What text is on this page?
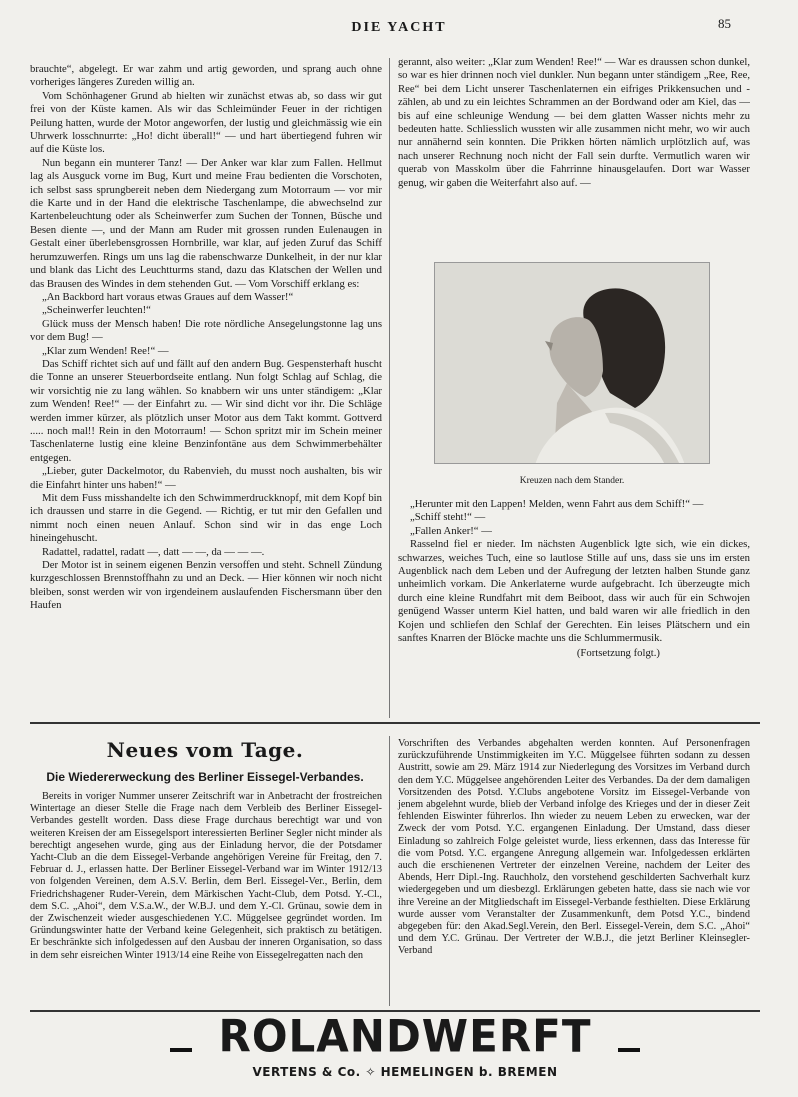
DIE YACHT	85

brauchte“, abgelegt. Er war zahm und artig geworden, und sprang auch ohne vorheriges längeres Zureden willig an.

Vom Schönhagener Grund ab hielten wir zunächst etwas ab, so dass wir gut frei von der Küste kamen. Als wir das Schleimünder Feuer in der richtigen Peilung hatten, wurde der Motor angeworfen, der lustig und gleichmässig wie ein Uhrwerk losschnurrte: „Ho! dicht überall!“ — und hart übertiegend fuhren wir auf die Küste los.

Nun begann ein munterer Tanz! — Der Anker war klar zum Fallen. Hellmut lag als Ausguck vorne im Bug, Kurt und meine Frau bedienten die Vorschoten, ich selbst sass sprungbereit neben dem Niedergang zum Motorraum — vor mir die Karte und in der Hand die elektrische Taschenlampe, die abwechselnd zur Kartenbeleuchtung oder als Scheinwerfer zum Suchen der Tonnen, Büsche und Besen diente —, und der Mann am Ruder mit grossen runden Eulenaugen in Gestalt einer überlebensgrossen Hornbrille, war klar, auf jeden Zuruf das Schiff herumzuwerfen. Rings um uns lag die rabenschwarze Dunkelheit, in der nur klar und blank das Licht des Leuchtturms stand, dazu das Klatschen der Wellen und das Brausen des Windes in dem stehenden Gut. — Vom Vorschiff erklang es:

„An Backbord hart voraus etwas Graues auf dem Wasser!“

„Scheinwerfer leuchten!“

Glück muss der Mensch haben! Die rote nördliche Ansegelungstonne lag uns vor dem Bug! —

„Klar zum Wenden! Ree!“ —

Das Schiff richtet sich auf und fällt auf den andern Bug. Gespensterhaft huscht die Tonne an unserer Steuerbordseite entlang. Nun folgt Schlag auf Schlag, die wir vorsichtig nie zu lang wählen. So knabbern wir uns unter ständigem: „Klar zum Wenden! Ree!“ — der Einfahrt zu. — Wir sind dicht vor ihr. Die Schläge werden immer kürzer, als plötzlich unser Motor aus dem Takt kommt. Gottverd ..... noch mal!! Rein in den Motorraum! — Schon spritzt mir im Schein meiner Taschenlaterne lustig eine kleine Benzinfontäne aus dem Schwimmerbehälter entgegen.

„Lieber, guter Dackelmotor, du Rabenvieh, du musst noch aushalten, bis wir die Einfahrt hinter uns haben!“ —

Mit dem Fuss misshandelte ich den Schwimmerdruckknopf, mit dem Kopf bin ich draussen und starre in die Gegend. — Richtig, er tut mir den Gefallen und nimmt noch einen neuen Anlauf. Schon sind wir in das enge Loch hineingehuscht.

Radattel, radattel, radatt —, datt — —, da — — —.

Der Motor ist in seinem eigenen Benzin versoffen und steht. Schnell Zündung kurzgeschlossen Brennstoffhahn zu und an Deck. — Hier können wir noch nicht bleiben, sonst werden wir von irgendeinem auslaufenden Fischersmann über den Haufen

gerannt, also weiter: „Klar zum Wenden! Ree!“ — War es draussen schon dunkel, so war es hier drinnen noch viel dunkler. Nun begann unter ständigem „Ree, Ree, Ree“ bei dem Licht unserer Taschenlaternen ein eifriges Prikkensuchen und -zählen, ab und zu ein leichtes Schrammen an der Bordwand oder am Kiel, das — bis auf eine schleunige Wendung — bei dem glatten Wasser nichts mehr zu bedeuten hatte. Schliesslich wussten wir alle zusammen nicht mehr, wo wir auch nur annähernd sein konnten. Die Prikken hörten nämlich urplötzlich auf, was nach unserer Rechnung noch nicht der Fall sein durfte. Vermutlich waren wir querab von Masskolm über die Fahrrinne hinausgelaufen. Dort war Wasser genug, wir gaben die Weiterfahrt also auf. —

Kreuzen nach dem Stander.

„Herunter mit den Lappen! Melden, wenn Fahrt aus dem Schiff!“ —

„Schiff steht!“ —

„Fallen Anker!“ —

Rasselnd fiel er nieder. Im nächsten Augenblick lgte sich, wie ein dickes, schwarzes, weiches Tuch, eine so lautlose Stille auf uns, dass sie uns im ersten Augenblick nach dem Leben und der Aufregung der letzten halben Stunde ganz unheimlich vorkam. Die Ankerlaterne wurde aufgebracht. Ich überzeugte mich durch eine kleine Rundfahrt mit dem Beiboot, dass wir auch für ein Schwojen genügend Wasser unterm Kiel hatten, und bald waren wir alle friedlich in den Kojen und schliefen den Schlaf der Gerechten. Ein leises Plätschern und ein sanftes Knarren der Blöcke machte uns die Schlummermusik.

(Fortsetzung folgt.)

Neues vom Tage.
Die Wiedererweckung des Berliner Eissegel-Verbandes.

Bereits in voriger Nummer unserer Zeitschrift war in Anbetracht der frostreichen Wintertage an dieser Stelle die Frage nach dem Verbleib des Berliner Eissegel-Verbandes gestellt worden. Dass diese Frage durchaus berechtigt war und von weiteren Kreisen der am Eissegelsport interessierten Berliner Segler nicht minder als berechtigt angesehen wurde, ging aus der Einladung hervor, die der Potsdamer Yacht-Club an die dem Eissegel-Verbande angehörigen Vereine für Freitag, den 7. Februar d. J., erlassen hatte. Der Berliner Eissegel-Verband war im Winter 1912/13 von folgenden Vereinen, dem A.S.V. Berlin, dem Berl. Eissegel-Ver., Berlin, dem Friedrichshagener Ruder-Verein, dem Märkischen Yacht-Club, dem Potsd. Y.-Cl., dem S.C. „Ahoi“, dem V.S.a.W., der W.B.J. und dem Y.-Cl. Grünau, sowie dem in der Zwischenzeit wieder ausgeschiedenen Y.C. Müggelsee gegründet worden. Im Gründungswinter hatte der Verband keine Gelegenheit, sich praktisch zu betätigen. Er beschränkte sich infolgedessen auf den Ausbau der inneren Organisation, so dass in dem sehr eisreichen Winter 1913/14 eine Reihe von Eissegelregatten nach den

Vorschriften des Verbandes abgehalten werden konnten. Auf Personenfragen zurückzuführende Unstimmigkeiten im Y.C. Müggelsee führten sodann zu dessen Austritt, sowie am 29. März 1914 zur Niederlegung des Vorsitzes im Verband durch den dem Y.C. Müggelsee angehörenden Leiter des Verbandes. Da der dem damaligen Vorsitzenden des Potsd. Y.Clubs angebotene Vorsitz im Eissegel-Verbande von jenem abgelehnt wurde, blieb der Verband infolge des Krieges und der in dieser Zeit fehlenden Eiswinter führerlos. Ihn wieder zu neuem Leben zu erwecken, war der Zweck der vom Potsd. Y.C. ergangenen Einladung. Der Umstand, dass dieser Einladung so zahlreich Folge geleistet wurde, liess erkennen, dass das Interesse für die vom Potsd. Y.C. ergangene Anregung allgemein war. Infolgedessen erklärten auch die erschienenen Vertreter der einzelnen Vereine, nachdem der Leiter des Abends, Herr Dipl.-Ing. Rauchholz, den vorstehend geschilderten Sachverhalt kurz wiedergegeben und um diesbezgl. Erklärungen gebeten hatte, dass sie nach wie vor ihre Vereine an der Mitgliedschaft im Eissegel-Verbande festhielten. Diese Erklärung wurde ausser vom Veranstalter der Zusammenkunft, dem Potsd Y.C., bindend abgegeben für: den Akad.Segl.Verein, den Berl. Eissegel-Verein, dem S.C. „Ahoi“ und dem Y.C. Grünau. Der Vertreter der W.B.J., die jetzt Berliner Kleinsegler-Verband

ROLANDWERFT
VERTENS & Co. ✧ HEMELINGEN b. BREMEN
